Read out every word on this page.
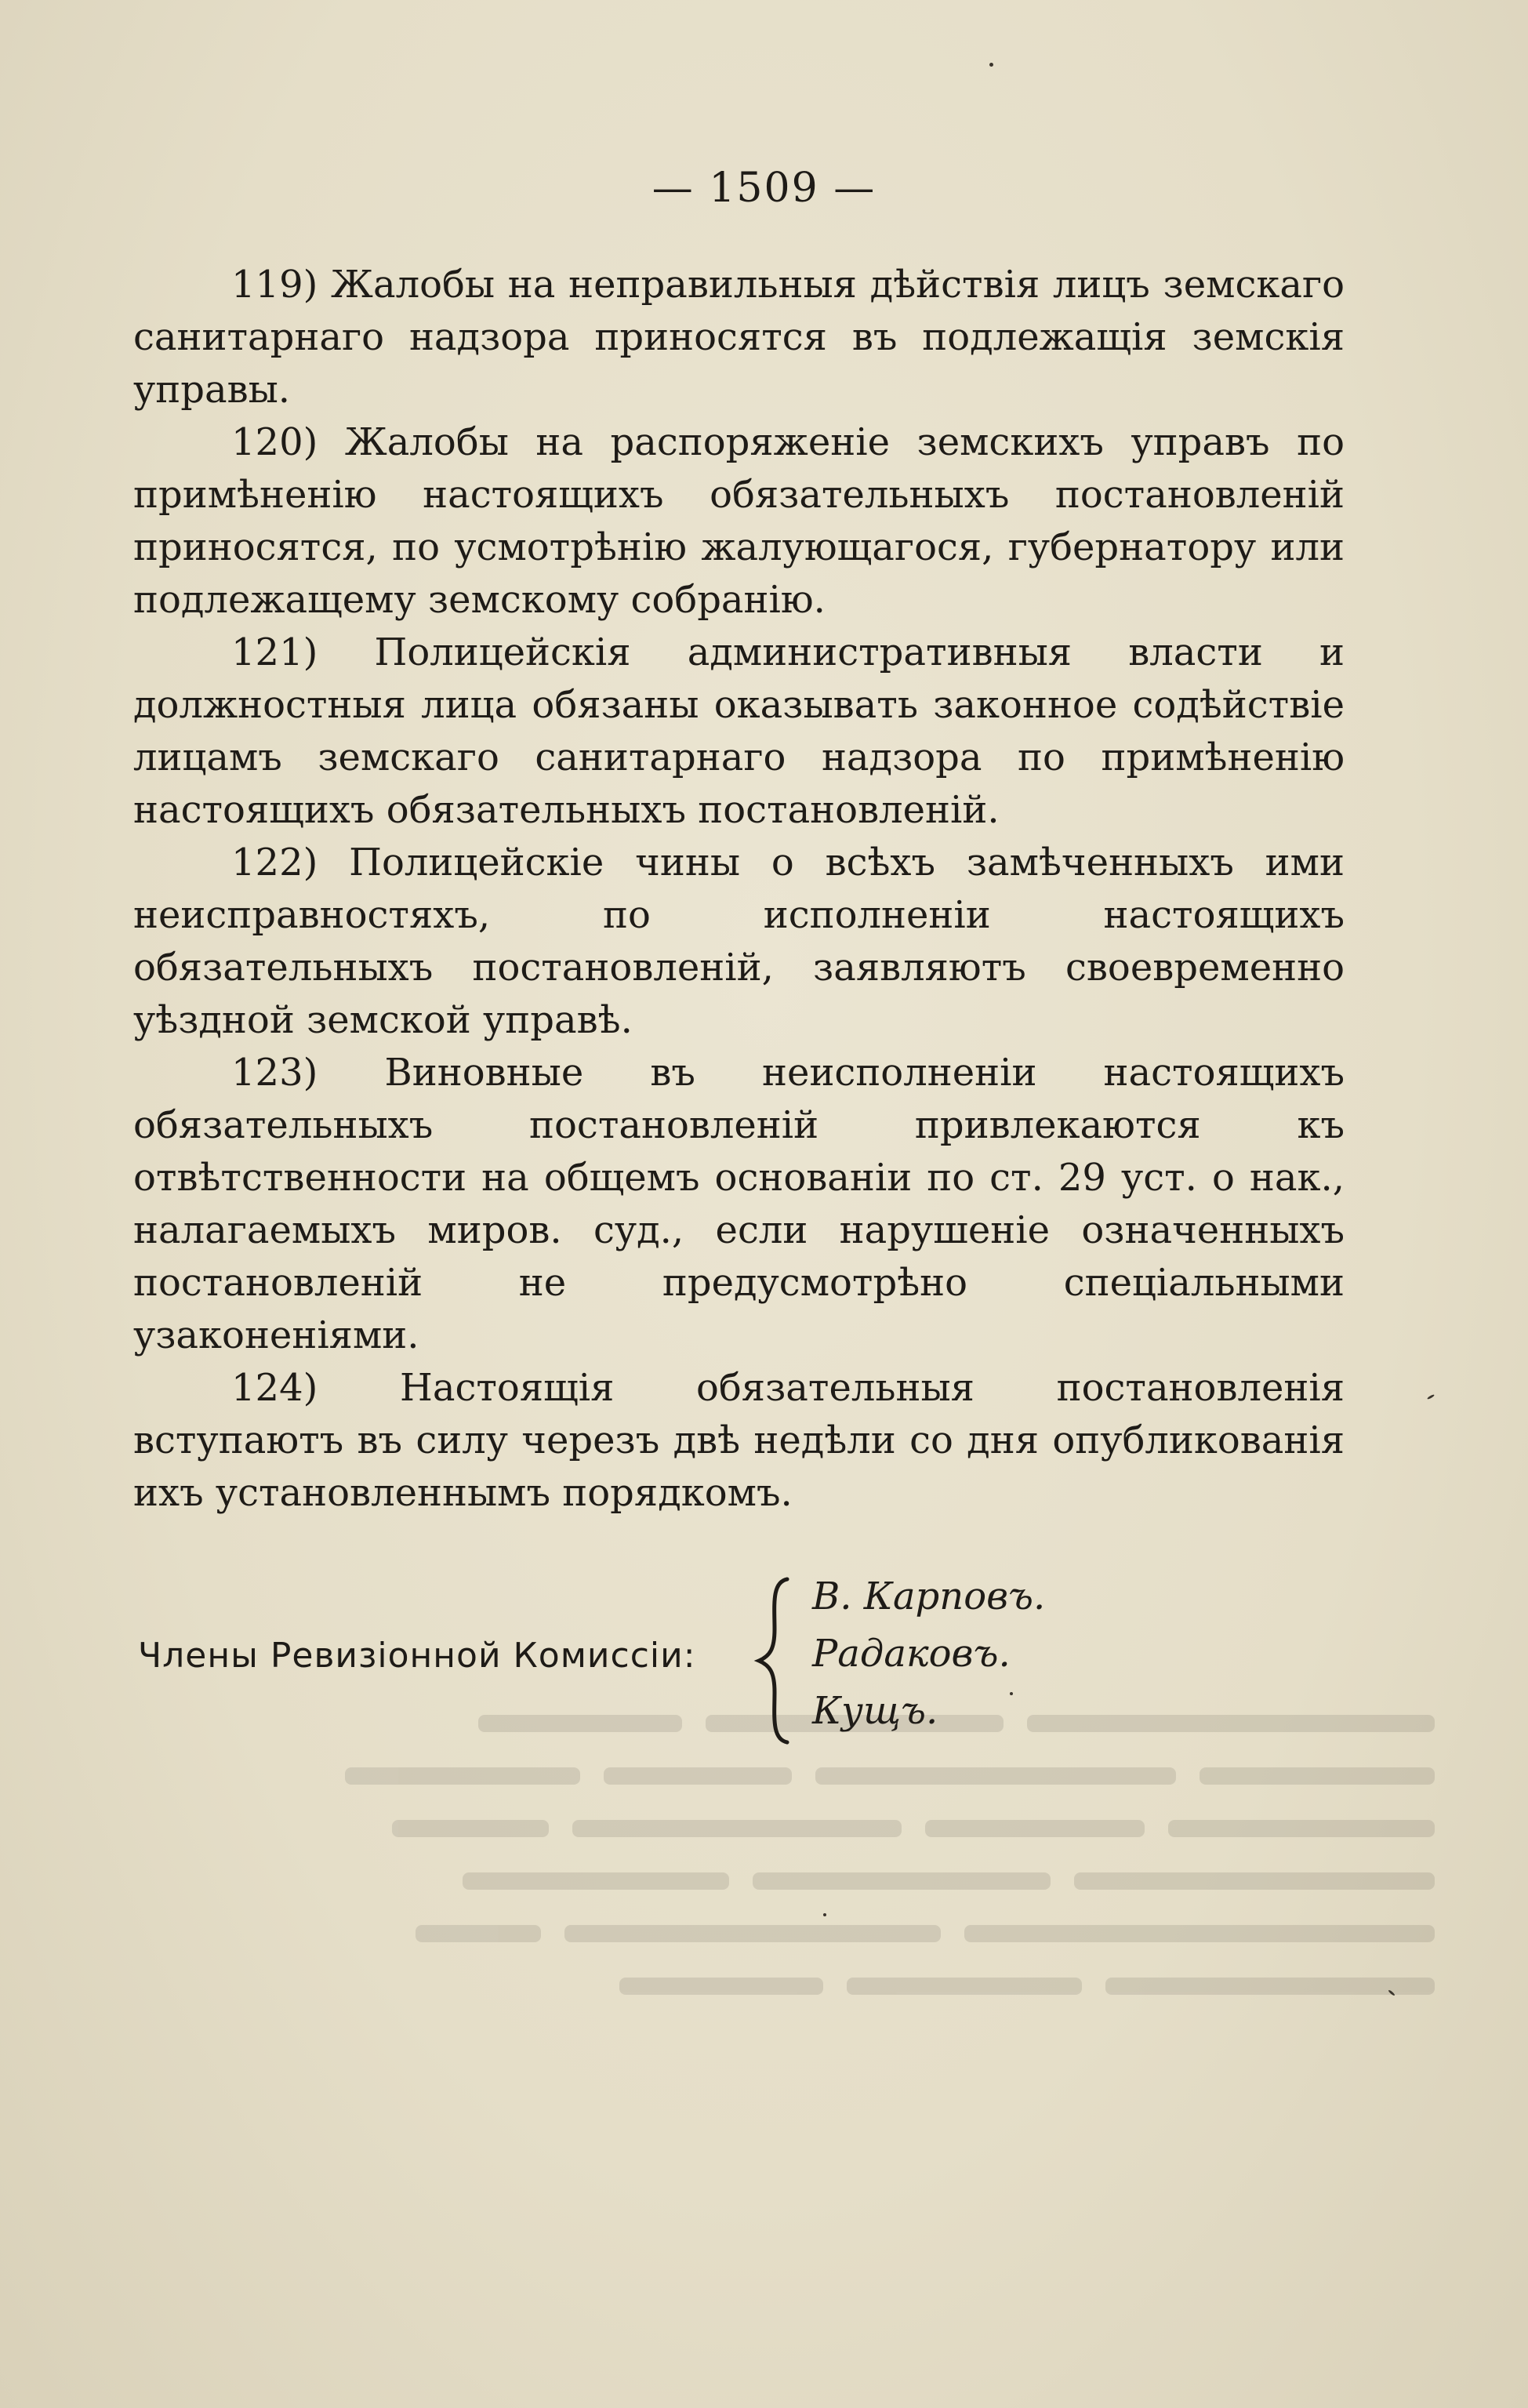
— 1509 —

119) Жалобы на неправильныя дѣйствія лицъ земскаго санитарнаго надзора приносятся въ подлежащія земскія управы.

120) Жалобы на распоряженіе земскихъ управъ по примѣненію настоящихъ обязательныхъ постановленій приносятся, по усмотрѣнію жалующагося, губернатору или подлежащему земскому собранію.

121) Полицейскія административныя власти и должностныя лица обязаны оказывать законное содѣйствіе лицамъ земскаго санитарнаго надзора по примѣненію настоящихъ обязательныхъ постановленій.

122) Полицейскіе чины о всѣхъ замѣченныхъ ими неисправностяхъ, по исполненіи настоящихъ обязательныхъ постановленій, заявляютъ своевременно уѣздной земской управѣ.

123) Виновные въ неисполненіи настоящихъ обязательныхъ постановленій привлекаются къ отвѣтственности на общемъ основаніи по ст. 29 уст. о нак., налагаемыхъ миров. суд., если нарушеніе означенныхъ постановленій не предусмотрѣно спеціальными узаконеніями.

124) Настоящія обязательныя постановленія вступаютъ въ силу черезъ двѣ недѣли со дня опубликованія ихъ установленнымъ порядкомъ.

Члены Ревизіонной Комиссіи:
В. Карповъ.
Радаковъ.
Кущъ.
